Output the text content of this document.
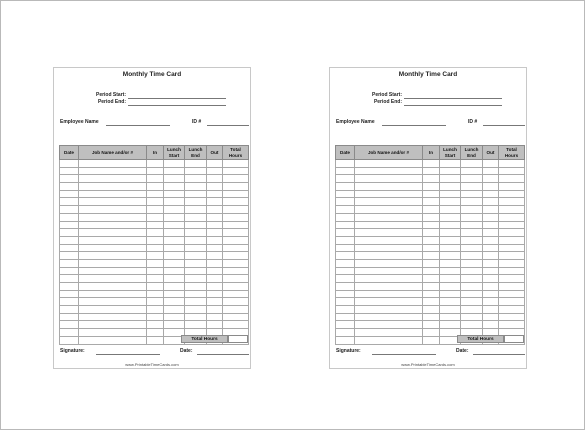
Monthly Time Card
Period Start:
Period End:
Employee Name	ID #
Date	Job Name and/or #	In	Lunch Start	Lunch End	Out	Total Hours

Total Hours
Signature:	Date:
www.PrintableTimeCards.com
Monthly Time Card
Period Start:
Period End:
Employee Name	ID #
Date	Job Name and/or #	In	Lunch Start	Lunch End	Out	Total Hours

Total Hours
Signature:	Date:
www.PrintableTimeCards.com
